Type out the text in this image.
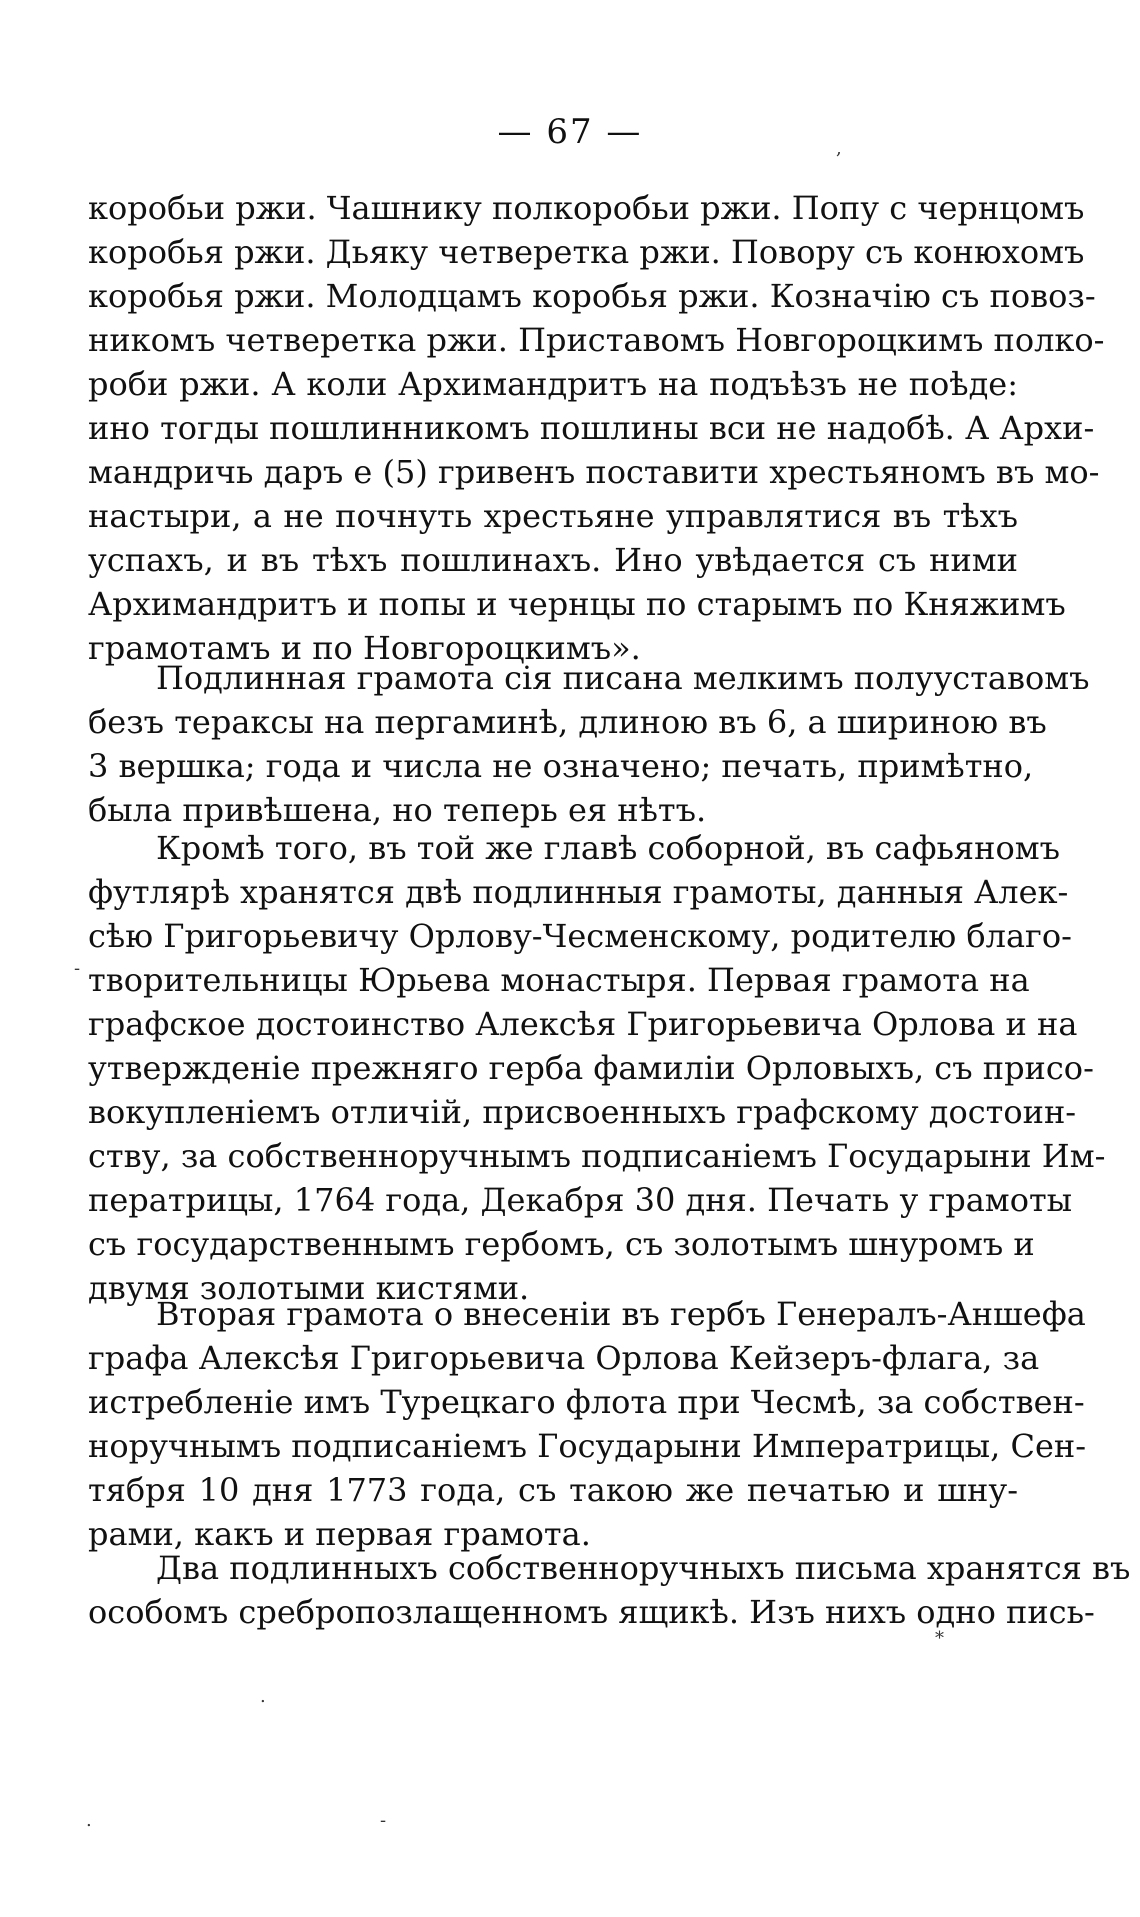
— 67 —
коробьи ржи. Чашнику полкоробьи ржи. Попу с чернцомъ
коробья ржи. Дьяку четверетка ржи. Повору съ конюхомъ
коробья ржи. Молодцамъ коробья ржи. Козначію съ повоз-
никомъ четверетка ржи. Приставомъ Новгороцкимъ полко-
роби ржи. А коли Архимандритъ на подъѣзъ не поѣде:
ино тогды пошлинникомъ пошлины вси не надобѣ. А Архи-
мандричь даръ е (5) гривенъ поставити хрестьяномъ въ мо-
настыри, а не почнуть хрестьяне управлятися въ тѣхъ
успахъ, и въ тѣхъ пошлинахъ. Ино увѣдается съ ними
Архимандритъ и попы и чернцы по старымъ по Княжимъ
грамотамъ и по Новгороцкимъ».
Подлинная грамота сія писана мелкимъ полууставомъ
безъ тераксы на пергаминѣ, длиною въ 6, а шириною въ
3 вершка; года и числа не означено; печать, примѣтно,
была привѣшена, но теперь ея нѣтъ.
Кромѣ того, въ той же главѣ соборной, въ сафьяномъ
футлярѣ хранятся двѣ подлинныя грамоты, данныя Алек-
сѣю Григорьевичу Орлову-Чесменскому, родителю благо-
творительницы Юрьева монастыря. Первая грамота на
графское достоинство Алексѣя Григорьевича Орлова и на
утвержденіе прежняго герба фамиліи Орловыхъ, съ присо-
вокупленіемъ отличій, присвоенныхъ графскому достоин-
ству, за собственноручнымъ подписаніемъ Государыни Им-
ператрицы, 1764 года, Декабря 30 дня. Печать у грамоты
съ государственнымъ гербомъ, съ золотымъ шнуромъ и
двумя золотыми кистями.
Вторая грамота о внесеніи въ гербъ Генералъ-Аншефа
графа Алексѣя Григорьевича Орлова Кейзеръ-флага, за
истребленіе имъ Турецкаго флота при Чесмѣ, за собствен-
норучнымъ подписаніемъ Государыни Императрицы, Сен-
тября 10 дня 1773 года, съ такою же печатью и шну-
рами, какъ и первая грамота.
Два подлинныхъ собственноручныхъ письма хранятся въ
особомъ сребропозлащенномъ ящикѣ. Изъ нихъ одно пись-
,
-
*
.
-
.
